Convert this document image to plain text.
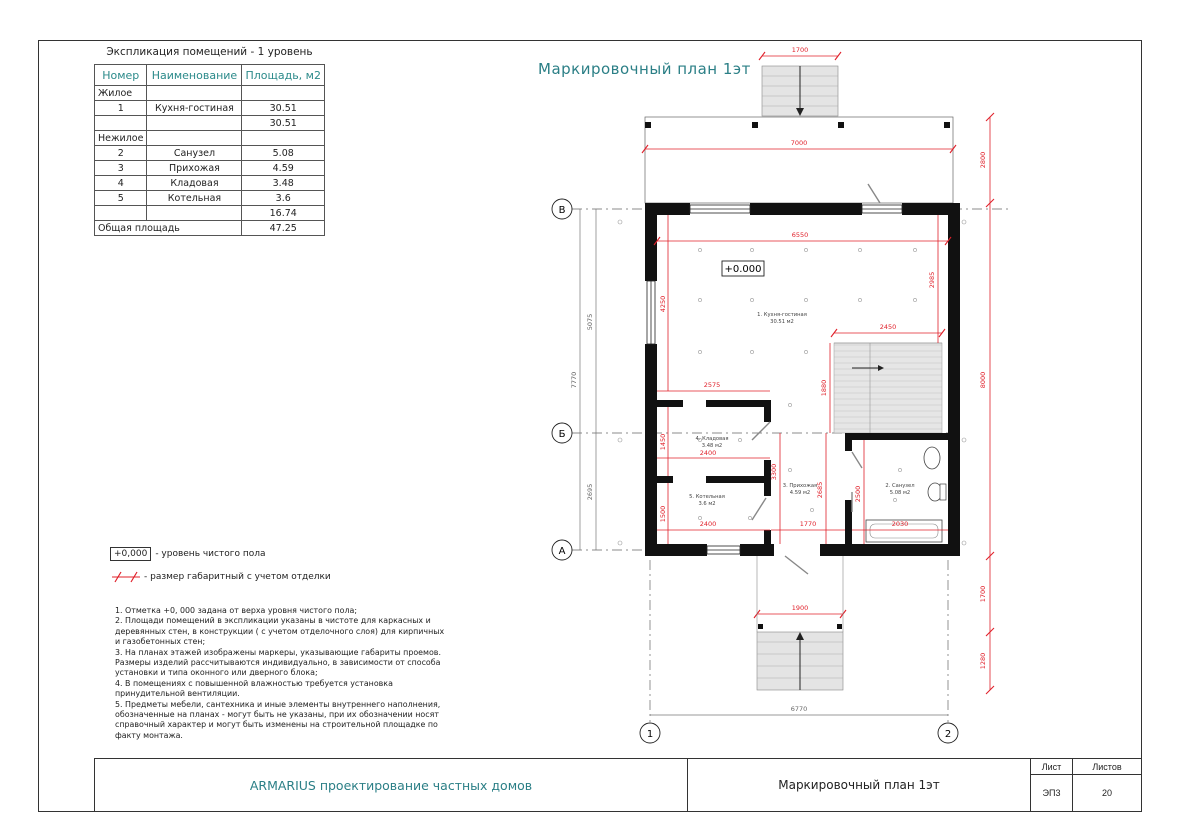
Экспликация помещений - 1 уровень		
Номер	Наименование	Площадь, м2
Жилое		
1	Кухня-гостиная	30.51
		30.51
Нежилое		
2	Санузел	5.08
3	Прихожая	4.59
4	Кладовая	3.48
5	Котельная	3.6
		16.74
Общая площадь		47.25
Маркировочный план 1эт
+0,000 - уровень чистого пола
- размер габаритный с учетом отделки
1. Отметка +0, 000 задана от верха уровня чистого пола;
2. Площади помещений в экспликации указаны в чистоте для каркасных и деревянных стен, в конструкции ( с учетом отделочного слоя) для кирпичных и газобетонных стен;
3. На планах этажей изображены маркеры, указывающие габариты проемов. Размеры изделий рассчитываются индивидуально, в зависимости от способа установки и типа оконного или дверного блока;
4. В помещениях с повышенной влажностью требуется установка принудительной вентиляции.
5. Предметы мебели, сантехника и иные элементы внутреннего наполнения, обозначенные на планах - могут быть не указаны, при их обозначении носят справочный характер и могут быть изменены на строительной площадке по факту монтажа.
В
Б
А
1	2
1. Кухня-гостиная
30.51 м2
4. Кладовая
3.48 м2
5. Котельная
3.6 м2
3. Прихожая
4.59 м2
2. Санузел
5.08 м2
+0.000
1700
7000
6550
2450
2575
2400
2400	1770	2030
1900
2800
8000
1700
1280
4250
2985
1880
1450
1500
3300
2685	2500
5075
7770
2695
6770
ARMARIUS проектирование частных домов	Маркировочный план 1эт
Лист	Листов
ЭП3	20
